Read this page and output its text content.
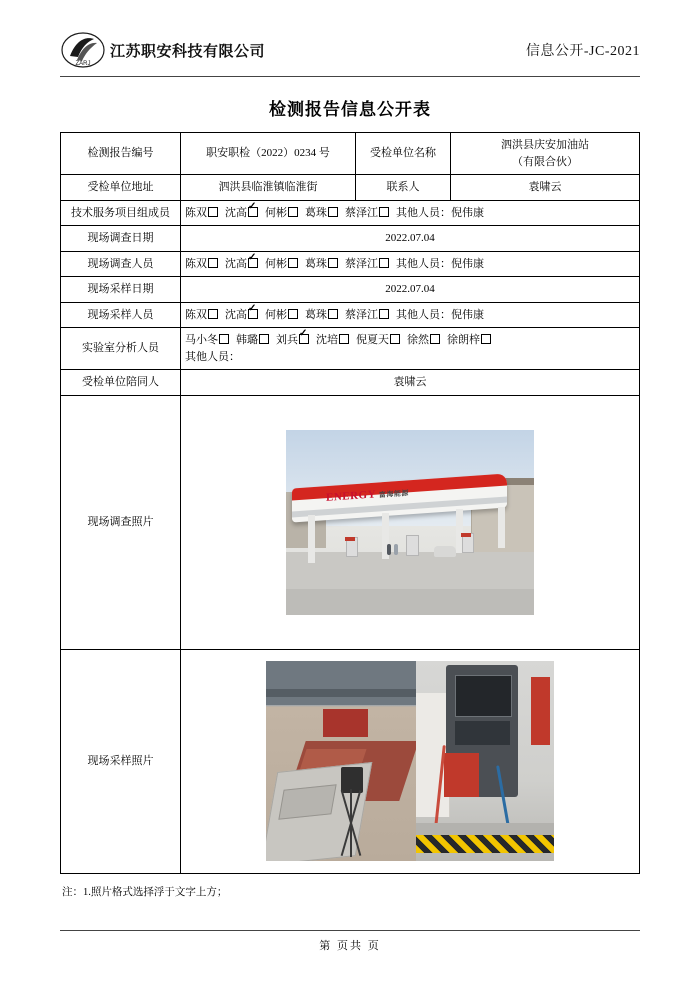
ZARJ
江苏职安科技有限公司	信息公开-JC-2021
检测报告信息公开表
检测报告编号	职安职检（2022）0234 号	受检单位名称	泗洪县庆安加油站
（有限合伙）

受检单位地址	泗洪县临淮镇临淮街	联系人	袁啸云
技术服务项目组成员	陈双 沈高 ✓ 何彬 葛珠 蔡泽江 其他人员：倪伟康
现场调查日期	2022.07.04		
现场调查人员	陈双 沈高 ✓ 何彬 葛珠 蔡泽江 其他人员：倪伟康
现场采样日期	2022.07.04		
现场采样人员	陈双 沈高 ✓ 何彬 葛珠 蔡泽江 其他人员：倪伟康
实验室分析人员	马小冬 韩璐 刘兵 ✓ 沈培 倪夏天 徐然 徐朗梓
其他人员：
受检单位陪同人	袁啸云		
现场调查照片	ENERGY 富海能源		

现场采样照片			
注：1.照片格式选择浮于文字上方；
第 页共 页
